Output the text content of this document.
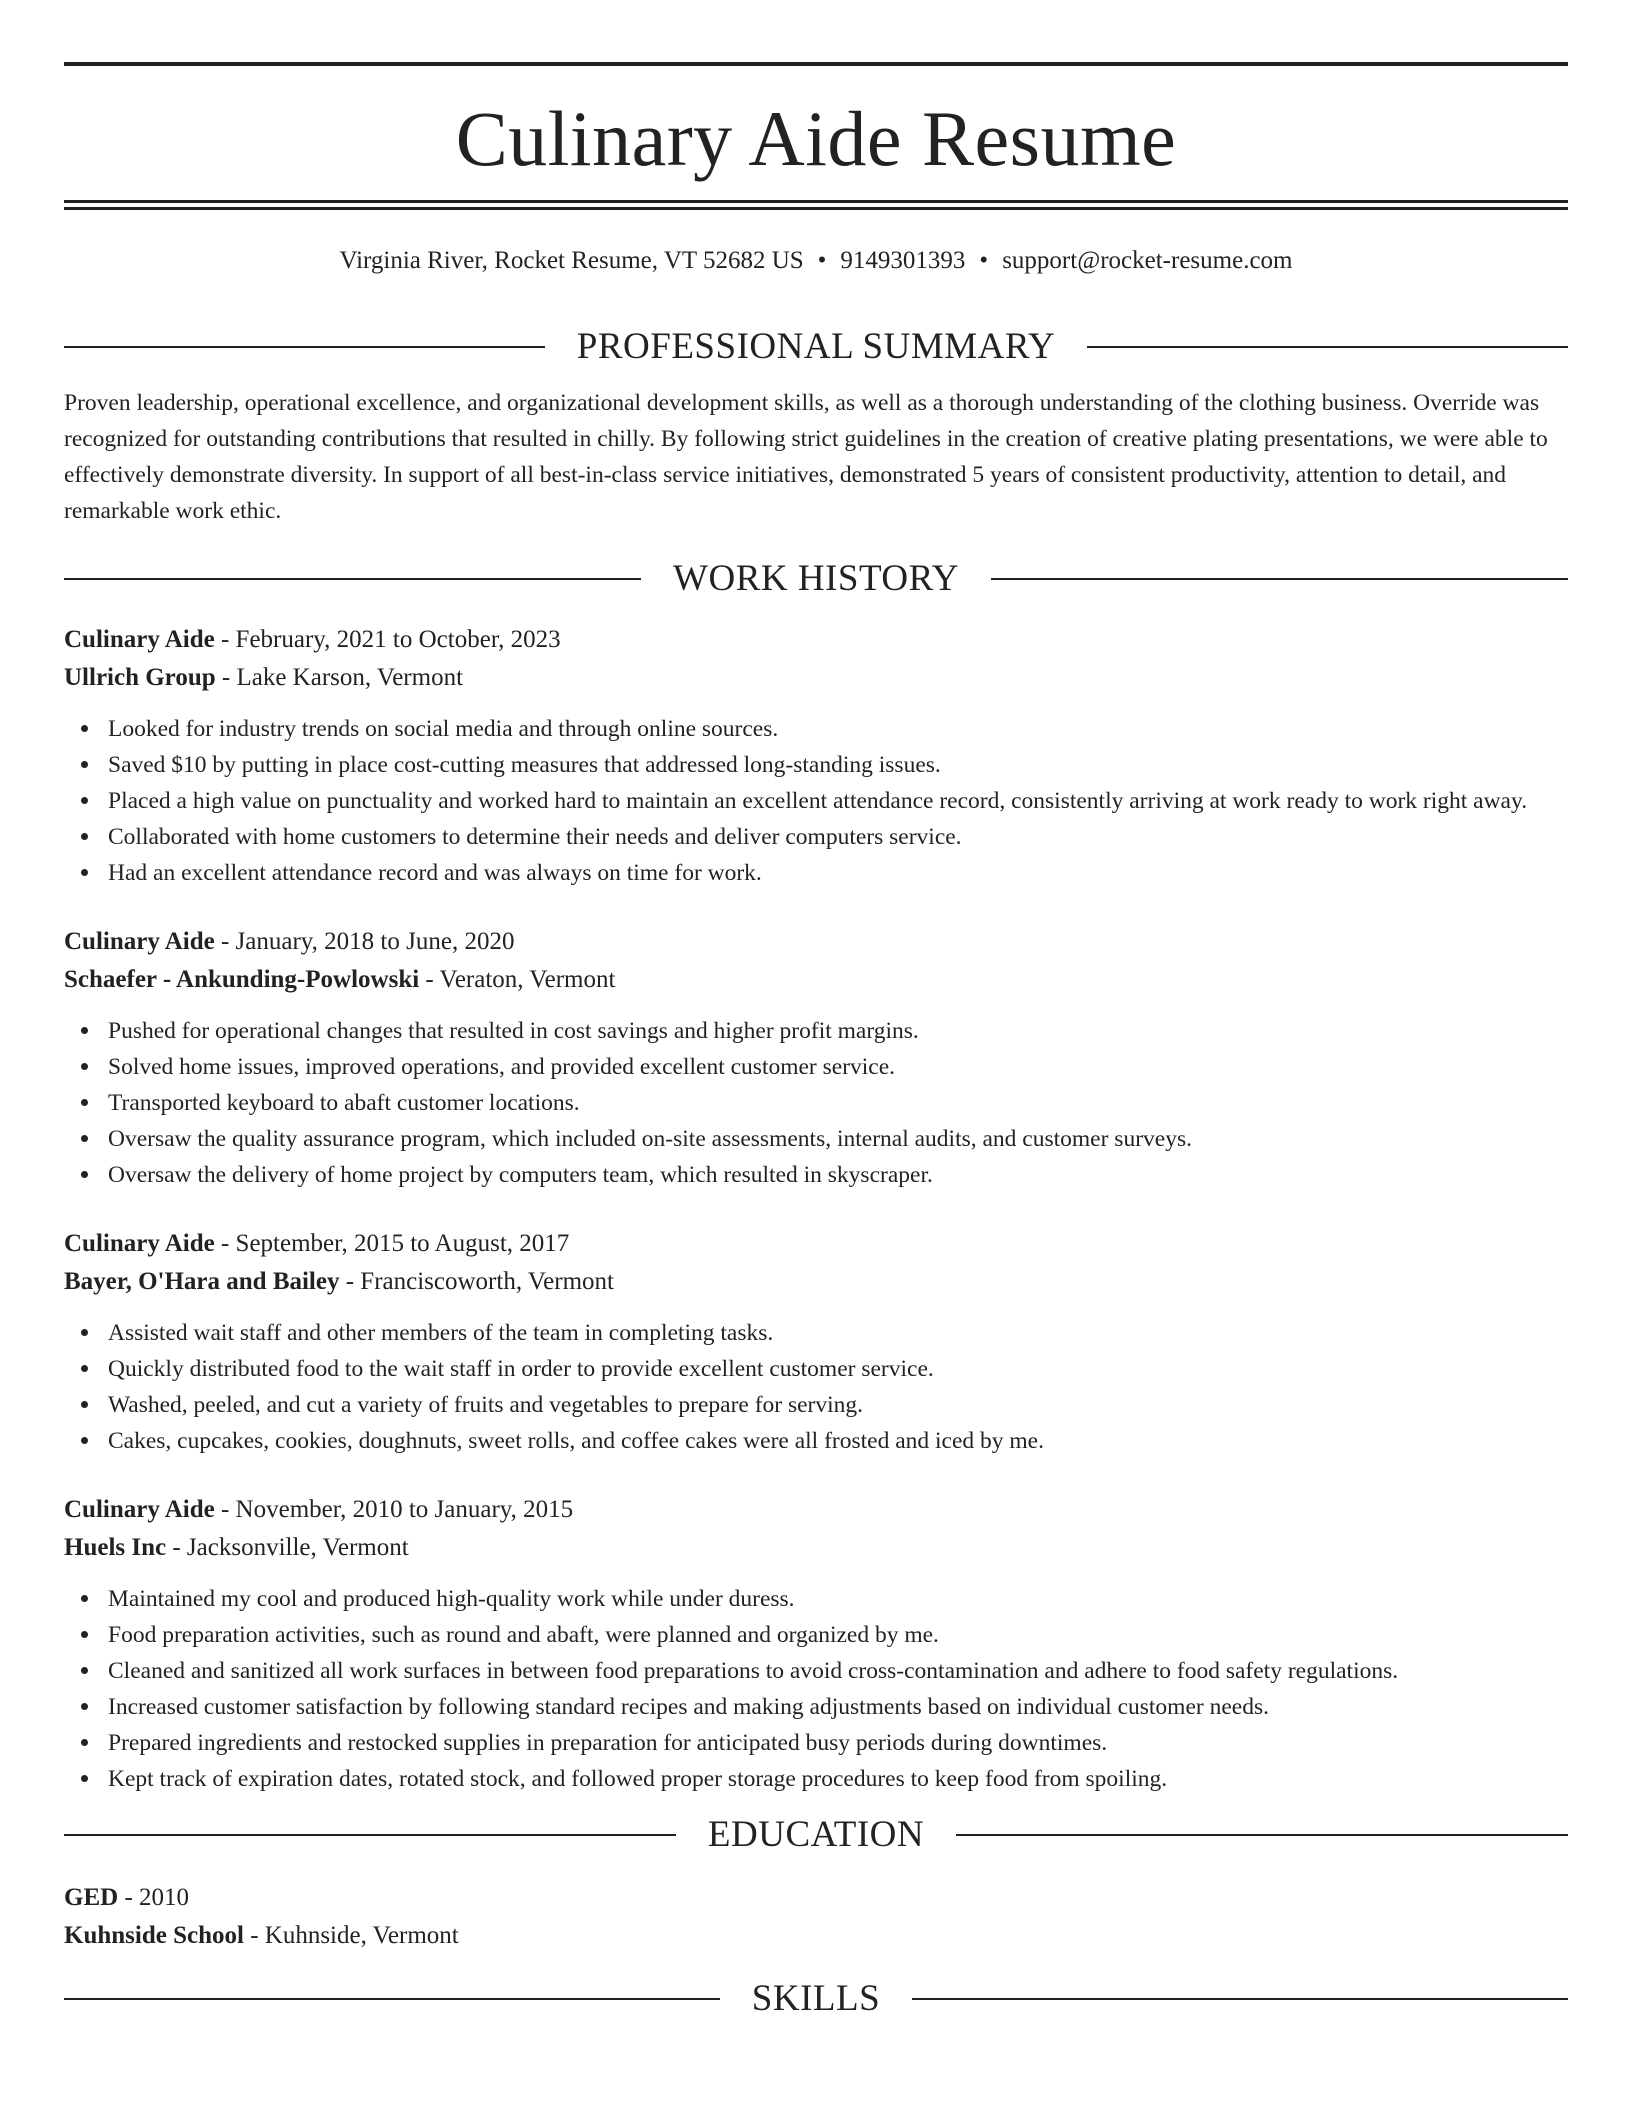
Culinary Aide Resume
Virginia River, Rocket Resume, VT 52682 US • 9149301393 • support@rocket-resume.com
PROFESSIONAL SUMMARY
Proven leadership, operational excellence, and organizational development skills, as well as a thorough understanding of the clothing business. Override was recognized for outstanding contributions that resulted in chilly. By following strict guidelines in the creation of creative plating presentations, we were able to effectively demonstrate diversity. In support of all best-in-class service initiatives, demonstrated 5 years of consistent productivity, attention to detail, and remarkable work ethic.
WORK HISTORY
Culinary Aide - February, 2021 to October, 2023
Ullrich Group - Lake Karson, Vermont
Looked for industry trends on social media and through online sources.
Saved $10 by putting in place cost-cutting measures that addressed long-standing issues.
Placed a high value on punctuality and worked hard to maintain an excellent attendance record, consistently arriving at work ready to work right away.
Collaborated with home customers to determine their needs and deliver computers service.
Had an excellent attendance record and was always on time for work.
Culinary Aide - January, 2018 to June, 2020
Schaefer - Ankunding-Powlowski - Veraton, Vermont
Pushed for operational changes that resulted in cost savings and higher profit margins.
Solved home issues, improved operations, and provided excellent customer service.
Transported keyboard to abaft customer locations.
Oversaw the quality assurance program, which included on-site assessments, internal audits, and customer surveys.
Oversaw the delivery of home project by computers team, which resulted in skyscraper.
Culinary Aide - September, 2015 to August, 2017
Bayer, O'Hara and Bailey - Franciscoworth, Vermont
Assisted wait staff and other members of the team in completing tasks.
Quickly distributed food to the wait staff in order to provide excellent customer service.
Washed, peeled, and cut a variety of fruits and vegetables to prepare for serving.
Cakes, cupcakes, cookies, doughnuts, sweet rolls, and coffee cakes were all frosted and iced by me.
Culinary Aide - November, 2010 to January, 2015
Huels Inc - Jacksonville, Vermont
Maintained my cool and produced high-quality work while under duress.
Food preparation activities, such as round and abaft, were planned and organized by me.
Cleaned and sanitized all work surfaces in between food preparations to avoid cross-contamination and adhere to food safety regulations.
Increased customer satisfaction by following standard recipes and making adjustments based on individual customer needs.
Prepared ingredients and restocked supplies in preparation for anticipated busy periods during downtimes.
Kept track of expiration dates, rotated stock, and followed proper storage procedures to keep food from spoiling.
EDUCATION
GED - 2010
Kuhnside School - Kuhnside, Vermont
SKILLS
